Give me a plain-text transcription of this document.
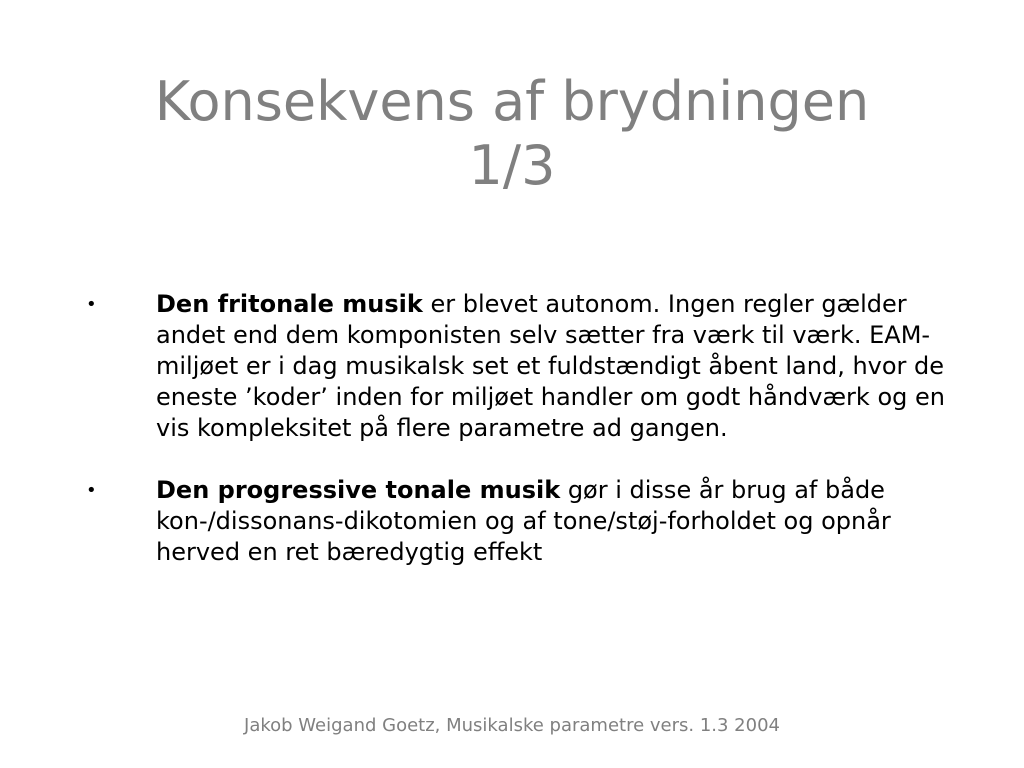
Konsekvens af brydningen
1/3
• Den fritonale musik er blevet autonom. Ingen regler gælder andet end dem komponisten selv sætter fra værk til værk. EAM-miljøet er i dag musikalsk set et fuldstændigt åbent land, hvor de eneste ’koder’ inden for miljøet handler om godt håndværk og en vis kompleksitet på flere parametre ad gangen.
• Den progressive tonale musik gør i disse år brug af både kon-/dissonans-dikotomien og af tone/støj-forholdet og opnår herved en ret bæredygtig effekt
Jakob Weigand Goetz, Musikalske parametre vers. 1.3 2004
